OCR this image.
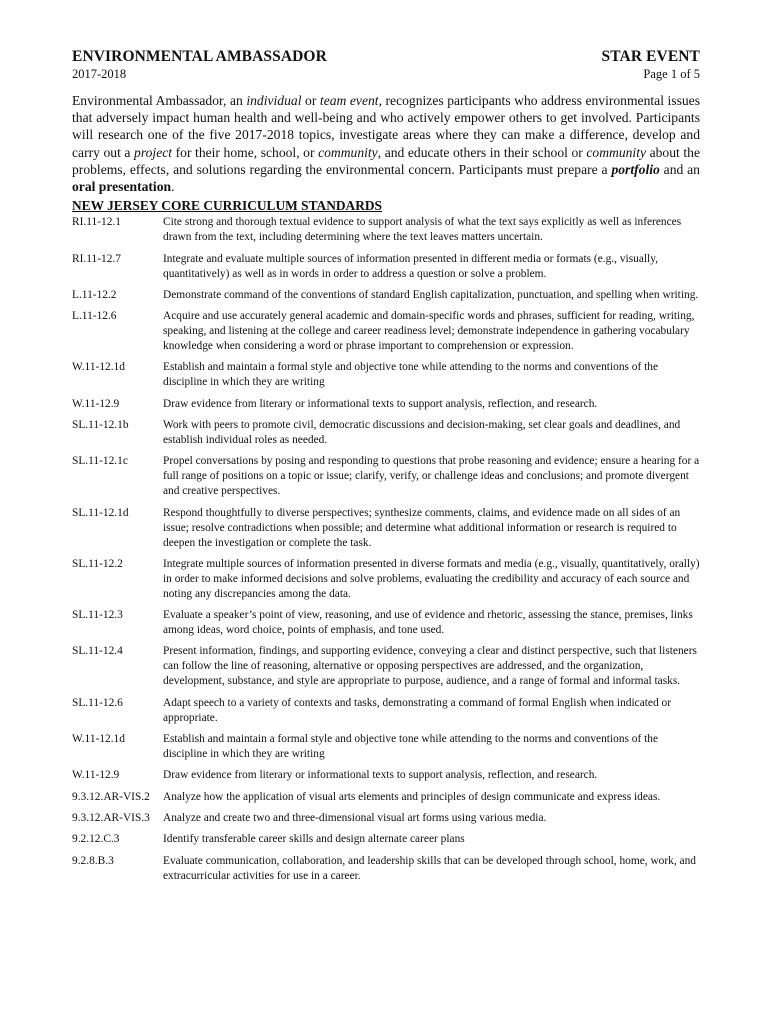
ENVIRONMENTAL AMBASSADOR	STAR EVENT
2017-2018	Page 1 of 5
Environmental Ambassador, an individual or team event, recognizes participants who address environmental issues that adversely impact human health and well-being and who actively empower others to get involved. Participants will research one of the five 2017-2018 topics, investigate areas where they can make a difference, develop and carry out a project for their home, school, or community, and educate others in their school or community about the problems, effects, and solutions regarding the environmental concern. Participants must prepare a portfolio and an oral presentation.
NEW JERSEY CORE CURRICULUM STANDARDS
RI.11-12.1	Cite strong and thorough textual evidence to support analysis of what the text says explicitly as well as inferences drawn from the text, including determining where the text leaves matters uncertain.
RI.11-12.7	Integrate and evaluate multiple sources of information presented in different media or formats (e.g., visually, quantitatively) as well as in words in order to address a question or solve a problem.
L.11-12.2	Demonstrate command of the conventions of standard English capitalization, punctuation, and spelling when writing.
L.11-12.6	Acquire and use accurately general academic and domain-specific words and phrases, sufficient for reading, writing, speaking, and listening at the college and career readiness level; demonstrate independence in gathering vocabulary knowledge when considering a word or phrase important to comprehension or expression.
W.11-12.1d	Establish and maintain a formal style and objective tone while attending to the norms and conventions of the discipline in which they are writing
W.11-12.9	Draw evidence from literary or informational texts to support analysis, reflection, and research.
SL.11-12.1b	Work with peers to promote civil, democratic discussions and decision-making, set clear goals and deadlines, and establish individual roles as needed.
SL.11-12.1c	Propel conversations by posing and responding to questions that probe reasoning and evidence; ensure a hearing for a full range of positions on a topic or issue; clarify, verify, or challenge ideas and conclusions; and promote divergent and creative perspectives.
SL.11-12.1d	Respond thoughtfully to diverse perspectives; synthesize comments, claims, and evidence made on all sides of an issue; resolve contradictions when possible; and determine what additional information or research is required to deepen the investigation or complete the task.
SL.11-12.2	Integrate multiple sources of information presented in diverse formats and media (e.g., visually, quantitatively, orally) in order to make informed decisions and solve problems, evaluating the credibility and accuracy of each source and noting any discrepancies among the data.
SL.11-12.3	Evaluate a speaker’s point of view, reasoning, and use of evidence and rhetoric, assessing the stance, premises, links among ideas, word choice, points of emphasis, and tone used.
SL.11-12.4	Present information, findings, and supporting evidence, conveying a clear and distinct perspective, such that listeners can follow the line of reasoning, alternative or opposing perspectives are addressed, and the organization, development, substance, and style are appropriate to purpose, audience, and a range of formal and informal tasks.
SL.11-12.6	Adapt speech to a variety of contexts and tasks, demonstrating a command of formal English when indicated or appropriate.
W.11-12.1d	Establish and maintain a formal style and objective tone while attending to the norms and conventions of the discipline in which they are writing
W.11-12.9	Draw evidence from literary or informational texts to support analysis, reflection, and research.
9.3.12.AR-VIS.2	Analyze how the application of visual arts elements and principles of design communicate and express ideas.
9.3.12.AR-VIS.3	Analyze and create two and three-dimensional visual art forms using various media.
9.2.12.C.3	Identify transferable career skills and design alternate career plans
9.2.8.B.3	Evaluate communication, collaboration, and leadership skills that can be developed through school, home, work, and extracurricular activities for use in a career.
